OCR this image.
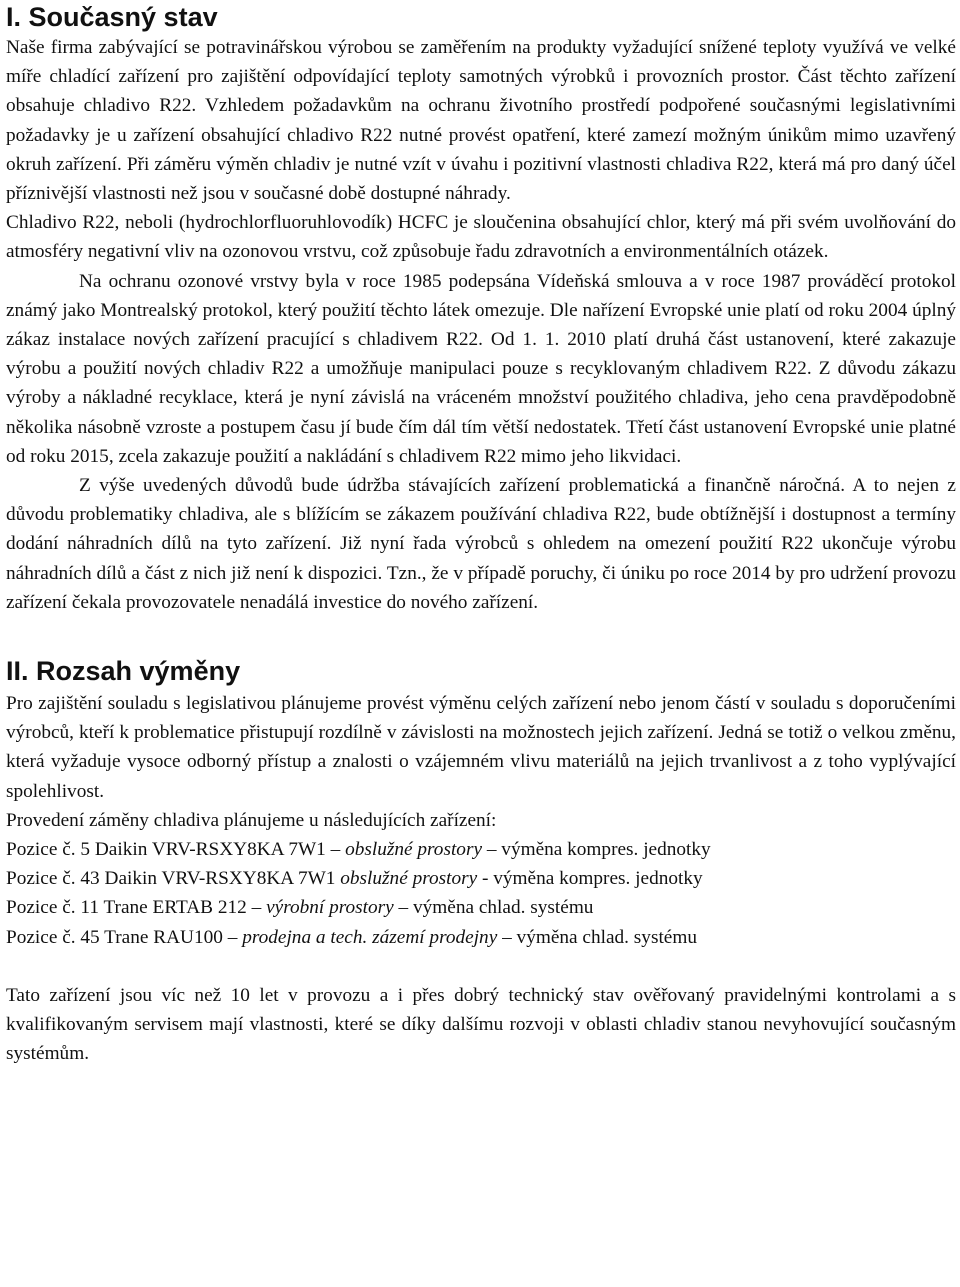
I. Současný stav

Naše firma zabývající se potravinářskou výrobou se zaměřením na produkty vyžadující snížené teploty využívá ve velké míře chladící zařízení pro zajištění odpovídající teploty samotných výrobků i provozních prostor. Část těchto zařízení obsahuje chladivo R22. Vzhledem požadavkům na ochranu životního prostředí podpořené současnými legislativními požadavky je u zařízení obsahující chladivo R22 nutné provést opatření, které zamezí možným únikům mimo uzavřený okruh zařízení. Při záměru výměn chladiv je nutné vzít v úvahu i pozitivní vlastnosti chladiva R22, která má pro daný účel příznivější vlastnosti než jsou v současné době dostupné náhrady.

Chladivo R22, neboli (hydrochlorfluoruhlovodík) HCFC je sloučenina obsahující chlor, který má při svém uvolňování do atmosféry negativní vliv na ozonovou vrstvu, což způsobuje řadu zdravotních a environmentálních otázek.

Na ochranu ozonové vrstvy byla v roce 1985 podepsána Vídeňská smlouva a v roce 1987 prováděcí protokol známý jako Montrealský protokol, který použití těchto látek omezuje. Dle nařízení Evropské unie platí od roku 2004 úplný zákaz instalace nových zařízení pracující s chladivem R22. Od 1. 1. 2010 platí druhá část ustanovení, které zakazuje výrobu a použití nových chladiv R22 a umožňuje manipulaci pouze s recyklovaným chladivem R22. Z důvodu zákazu výroby a nákladné recyklace, která je nyní závislá na vráceném množství použitého chladiva, jeho cena pravděpodobně několika násobně vzroste a postupem času jí bude čím dál tím větší nedostatek. Třetí část ustanovení Evropské unie platné od roku 2015, zcela zakazuje použití a nakládání s chladivem R22 mimo jeho likvidaci.

Z výše uvedených důvodů bude údržba stávajících zařízení problematická a finančně náročná. A to nejen z důvodu problematiky chladiva, ale s blížícím se zákazem používání chladiva R22, bude obtížnější i dostupnost a termíny dodání náhradních dílů na tyto zařízení. Již nyní řada výrobců s ohledem na omezení použití R22 ukončuje výrobu náhradních dílů a část z nich již není k dispozici. Tzn., že v případě poruchy, či úniku po roce 2014 by pro udržení provozu zařízení čekala provozovatele nenadálá investice do nového zařízení.

II. Rozsah výměny

Pro zajištění souladu s legislativou plánujeme provést výměnu celých zařízení nebo jenom částí v souladu s doporučeními výrobců, kteří k problematice přistupují rozdílně v závislosti na možnostech jejich zařízení. Jedná se totiž o velkou změnu, která vyžaduje vysoce odborný přístup a znalosti o vzájemném vlivu materiálů na jejich trvanlivost a z toho vyplývající spolehlivost.

Provedení záměny chladiva plánujeme u následujících zařízení:
Pozice č. 5 Daikin VRV-RSXY8KA 7W1 – obslužné prostory – výměna kompres. jednotky
Pozice č. 43 Daikin VRV-RSXY8KA 7W1 obslužné prostory - výměna kompres. jednotky
Pozice č. 11 Trane ERTAB 212 – výrobní prostory – výměna chlad. systému
Pozice č. 45 Trane RAU100 – prodejna a tech. zázemí prodejny – výměna chlad. systému

Tato zařízení jsou víc než 10 let v provozu a i přes dobrý technický stav ověřovaný pravidelnými kontrolami a s kvalifikovaným servisem mají vlastnosti, které se díky dalšímu rozvoji v oblasti chladiv stanou nevyhovující současným systémům.
